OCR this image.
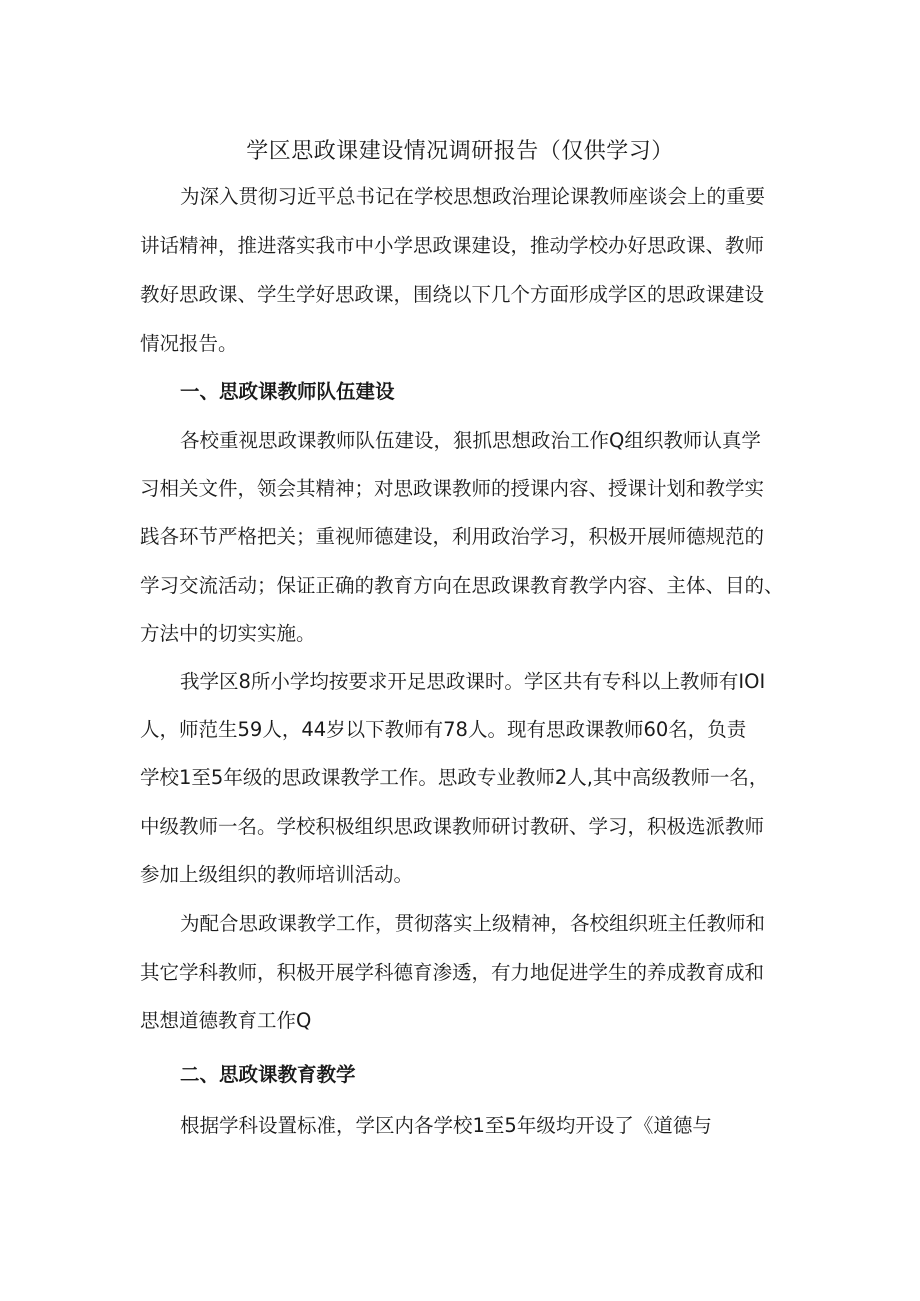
学区思政课建设情况调研报告（仅供学习）

为深入贯彻习近平总书记在学校思想政治理论课教师座谈会上的重要

讲话精神，推进落实我市中小学思政课建设，推动学校办好思政课、教师

教好思政课、学生学好思政课，围绕以下几个方面形成学区的思政课建设

情况报告。

一、思政课教师队伍建设

各校重视思政课教师队伍建设，狠抓思想政治工作Q组织教师认真学

习相关文件，领会其精神；对思政课教师的授课内容、授课计划和教学实

践各环节严格把关；重视师德建设，利用政治学习，积极开展师德规范的

学习交流活动；保证正确的教育方向在思政课教育教学内容、主体、目的、

方法中的切实实施。

我学区8所小学均按要求开足思政课时。学区共有专科以上教师有IOI

人，师范生59人，44岁以下教师有78人。现有思政课教师60名，负责

学校1至5年级的思政课教学工作。思政专业教师2人,其中高级教师一名，

中级教师一名。学校积极组织思政课教师研讨教研、学习，积极选派教师

参加上级组织的教师培训活动。

为配合思政课教学工作，贯彻落实上级精神，各校组织班主任教师和

其它学科教师，积极开展学科德育渗透，有力地促进学生的养成教育成和

思想道德教育工作Q

二、思政课教育教学

根据学科设置标准，学区内各学校1至5年级均开设了《道德与
